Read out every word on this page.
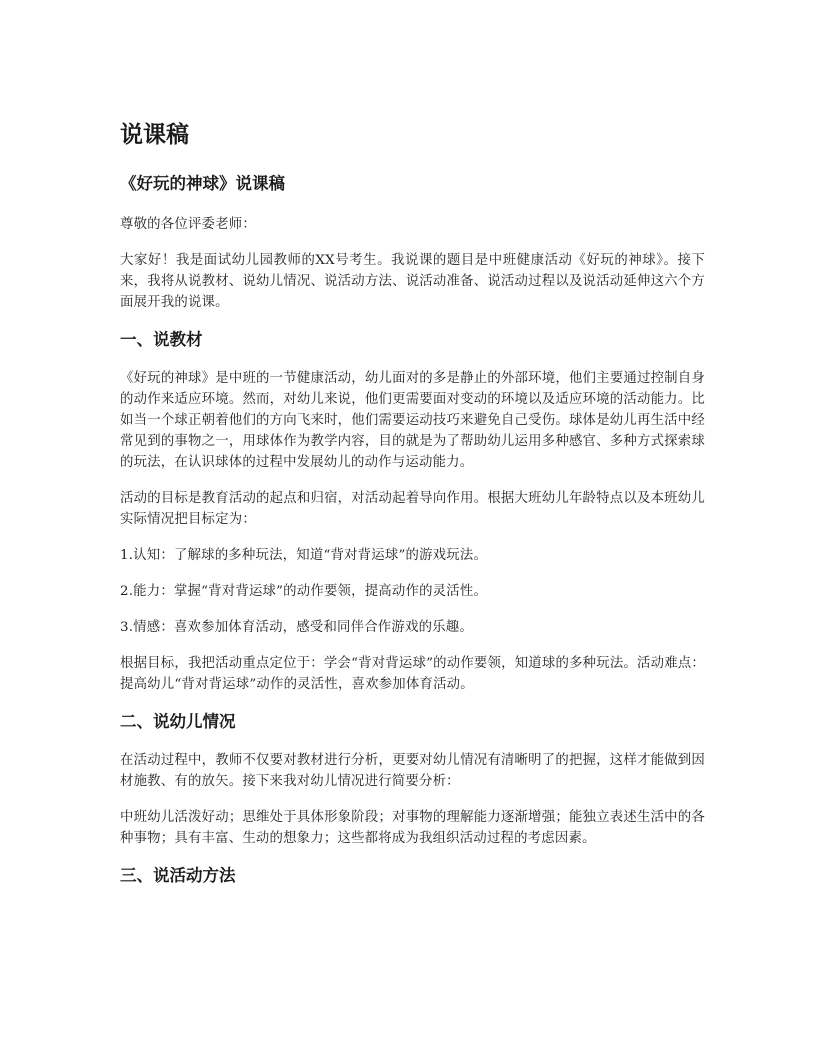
说课稿
《好玩的神球》说课稿

尊敬的各位评委老师：

大家好！我是面试幼儿园教师的XX号考生。我说课的题目是中班健康活动《好玩的神球》。接下来，我将从说教材、说幼儿情况、说活动方法、说活动准备、说活动过程以及说活动延伸这六个方面展开我的说课。

一、说教材

《好玩的神球》是中班的一节健康活动，幼儿面对的多是静止的外部环境，他们主要通过控制自身的动作来适应环境。然而，对幼儿来说，他们更需要面对变动的环境以及适应环境的活动能力。比如当一个球正朝着他们的方向飞来时，他们需要运动技巧来避免自己受伤。球体是幼儿再生活中经常见到的事物之一，用球体作为教学内容，目的就是为了帮助幼儿运用多种感官、多种方式探索球的玩法，在认识球体的过程中发展幼儿的动作与运动能力。

活动的目标是教育活动的起点和归宿，对活动起着导向作用。根据大班幼儿年龄特点以及本班幼儿实际情况把目标定为：

1.认知：了解球的多种玩法，知道“背对背运球”的游戏玩法。

2.能力：掌握“背对背运球”的动作要领，提高动作的灵活性。

3.情感：喜欢参加体育活动，感受和同伴合作游戏的乐趣。

根据目标，我把活动重点定位于：学会“背对背运球”的动作要领，知道球的多种玩法。活动难点：提高幼儿“背对背运球”动作的灵活性，喜欢参加体育活动。

二、说幼儿情况

在活动过程中，教师不仅要对教材进行分析，更要对幼儿情况有清晰明了的把握，这样才能做到因材施教、有的放矢。接下来我对幼儿情况进行简要分析：

中班幼儿活泼好动；思维处于具体形象阶段；对事物的理解能力逐渐增强；能独立表述生活中的各种事物；具有丰富、生动的想象力；这些都将成为我组织活动过程的考虑因素。

三、说活动方法
